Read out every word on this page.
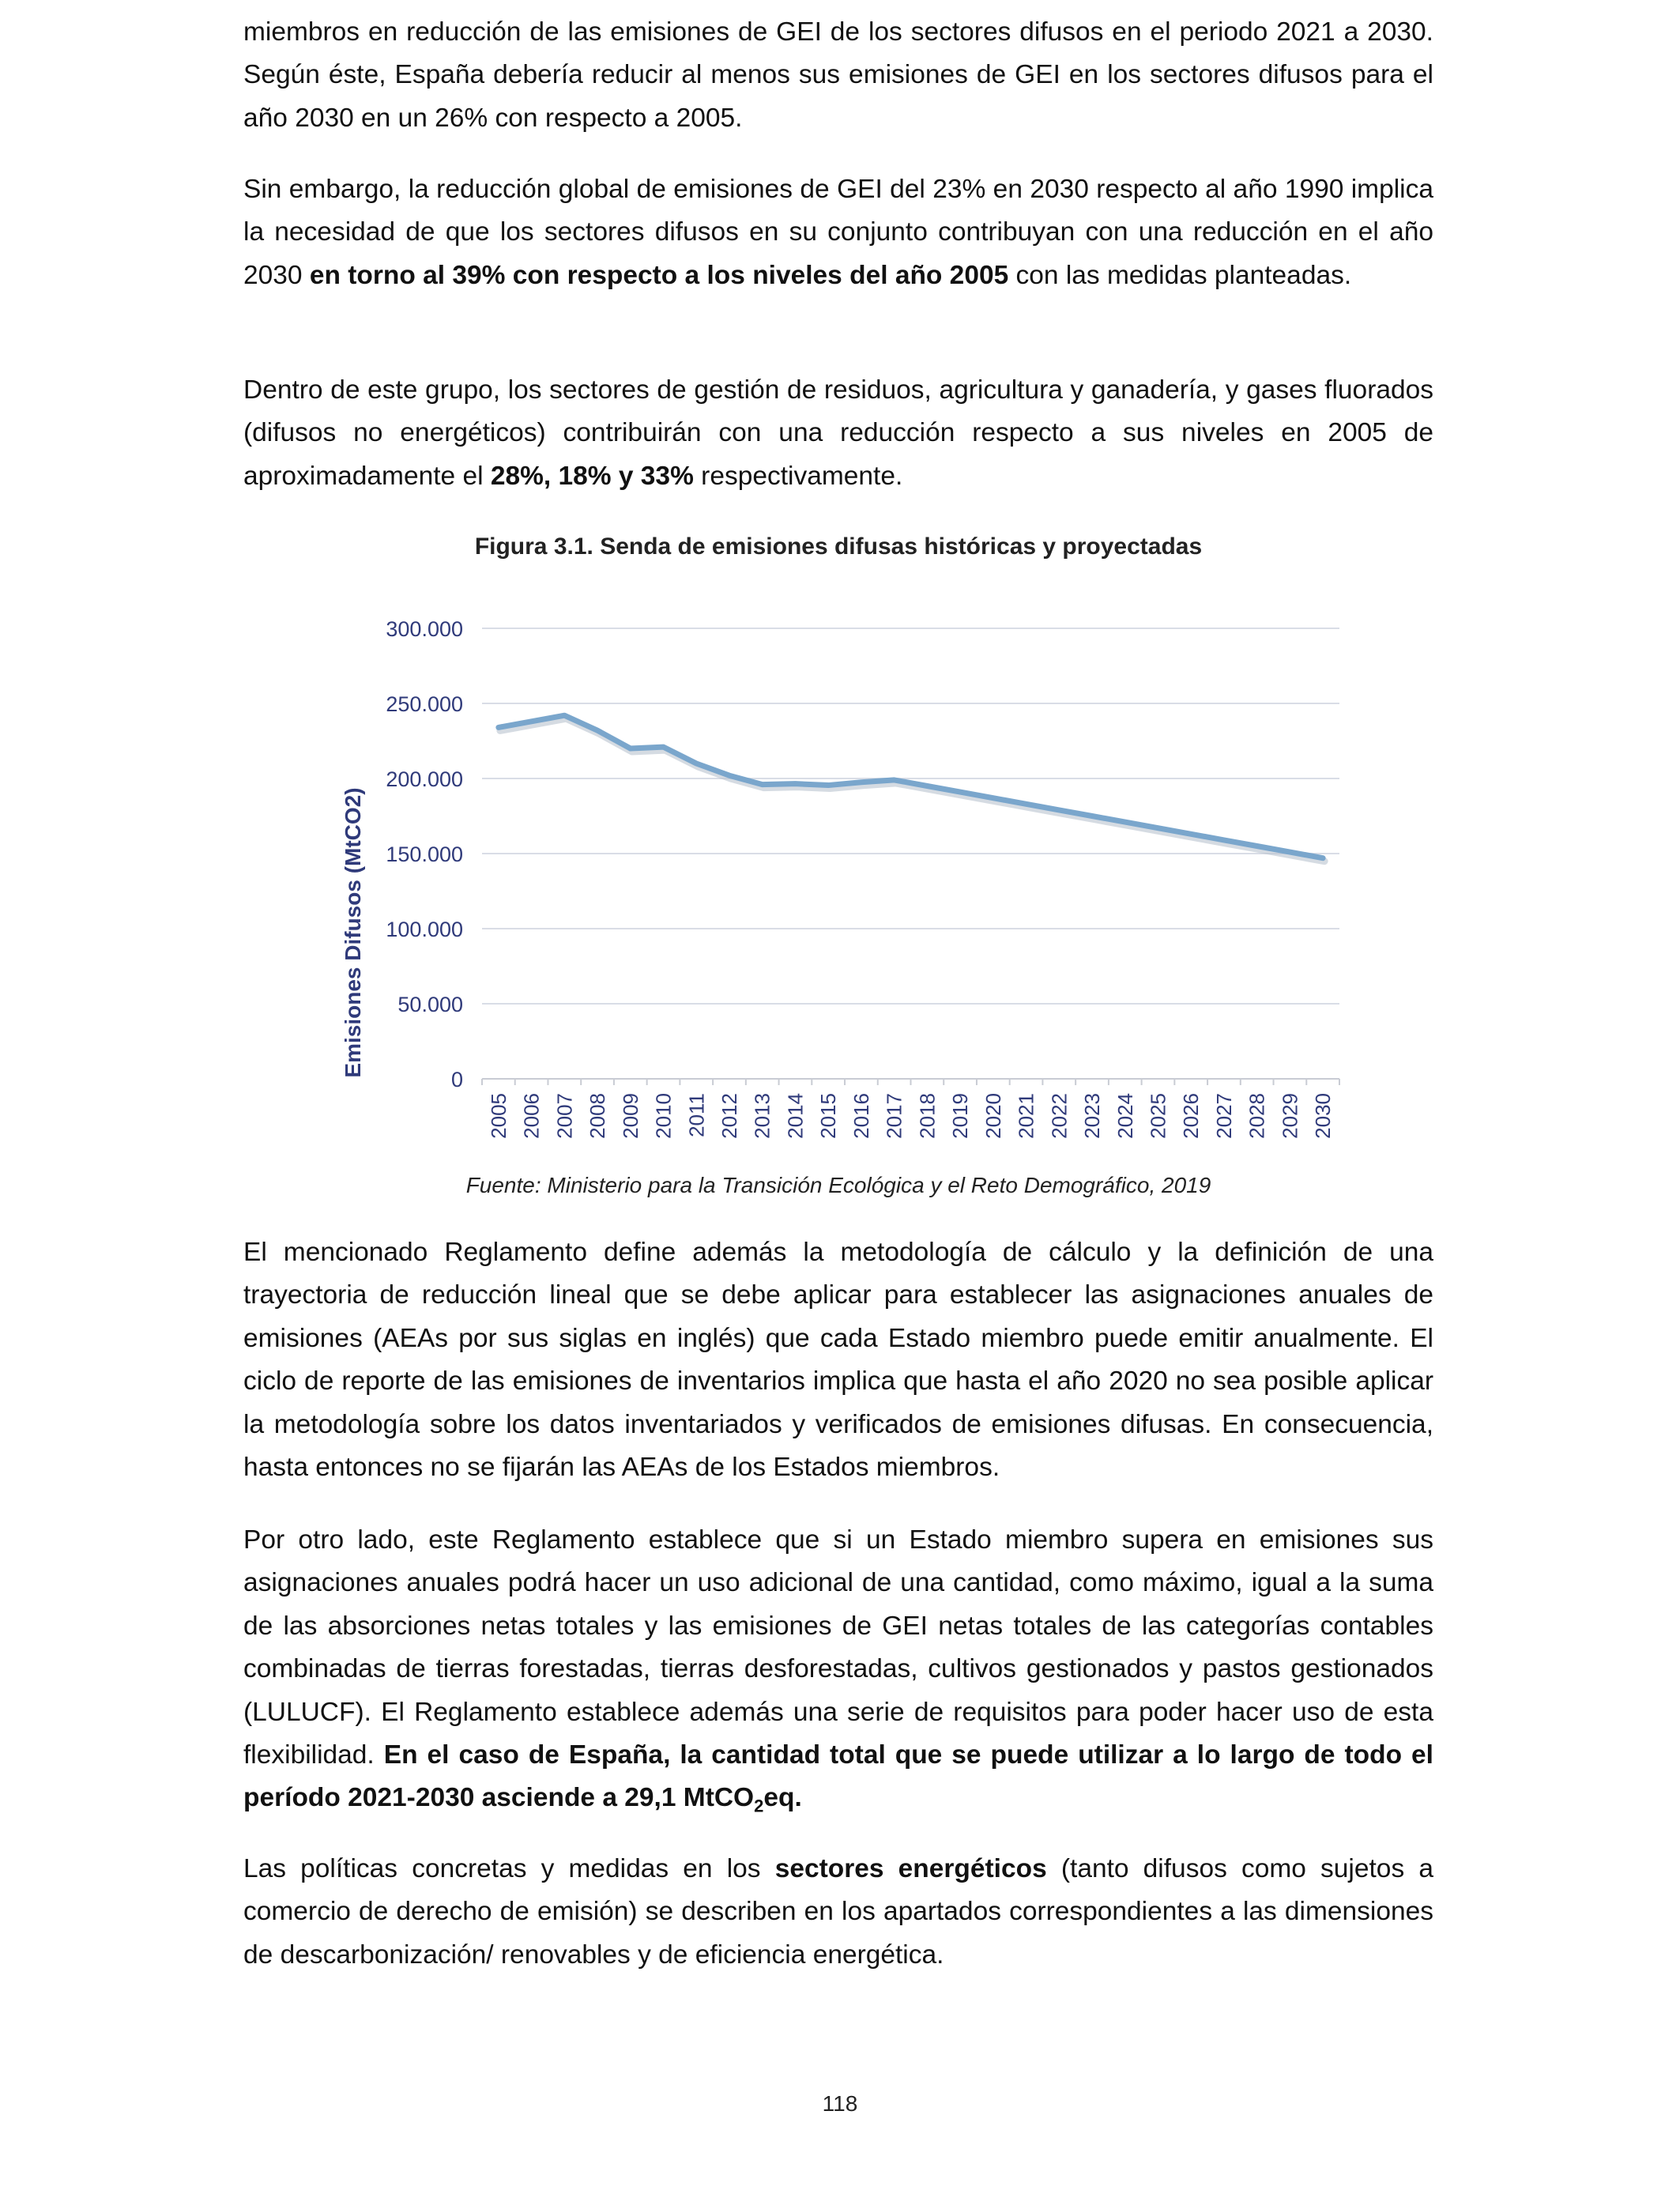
miembros en reducción de las emisiones de GEI de los sectores difusos en el periodo 2021 a 2030. Según éste, España debería reducir al menos sus emisiones de GEI en los sectores difusos para el año 2030 en un 26% con respecto a 2005.

Sin embargo, la reducción global de emisiones de GEI del 23% en 2030 respecto al año 1990 implica la necesidad de que los sectores difusos en su conjunto contribuyan con una reducción en el año 2030 en torno al 39% con respecto a los niveles del año 2005 con las medidas planteadas.

Dentro de este grupo, los sectores de gestión de residuos, agricultura y ganadería, y gases fluorados (difusos no energéticos) contribuirán con una reducción respecto a sus niveles en 2005 de aproximadamente el 28%, 18% y 33% respectivamente.

Figura 3.1. Senda de emisiones difusas históricas y proyectadas

0
50.000
100.000
150.000
200.000
250.000
300.000
2005 2006 2007 2008 2009 2010 2011 2012 2013 2014 2015 2016 2017 2018 2019 2020 2021 2022 2023 2024 2025 2026 2027 2028 2029 2030
Emisiones Difusos (MtCO2)

Fuente: Ministerio para la Transición Ecológica y el Reto Demográfico, 2019

El mencionado Reglamento define además la metodología de cálculo y la definición de una trayectoria de reducción lineal que se debe aplicar para establecer las asignaciones anuales de emisiones (AEAs por sus siglas en inglés) que cada Estado miembro puede emitir anualmente. El ciclo de reporte de las emisiones de inventarios implica que hasta el año 2020 no sea posible aplicar la metodología sobre los datos inventariados y verificados de emisiones difusas. En consecuencia, hasta entonces no se fijarán las AEAs de los Estados miembros.

Por otro lado, este Reglamento establece que si un Estado miembro supera en emisiones sus asignaciones anuales podrá hacer un uso adicional de una cantidad, como máximo, igual a la suma de las absorciones netas totales y las emisiones de GEI netas totales de las categorías contables combinadas de tierras forestadas, tierras desforestadas, cultivos gestionados y pastos gestionados (LULUCF). El Reglamento establece además una serie de requisitos para poder hacer uso de esta flexibilidad. En el caso de España, la cantidad total que se puede utilizar a lo largo de todo el período 2021-2030 asciende a 29,1 MtCO$_2$eq.

Las políticas concretas y medidas en los sectores energéticos (tanto difusos como sujetos a comercio de derecho de emisión) se describen en los apartados correspondientes a las dimensiones de descarbonización/ renovables y de eficiencia energética.

118
